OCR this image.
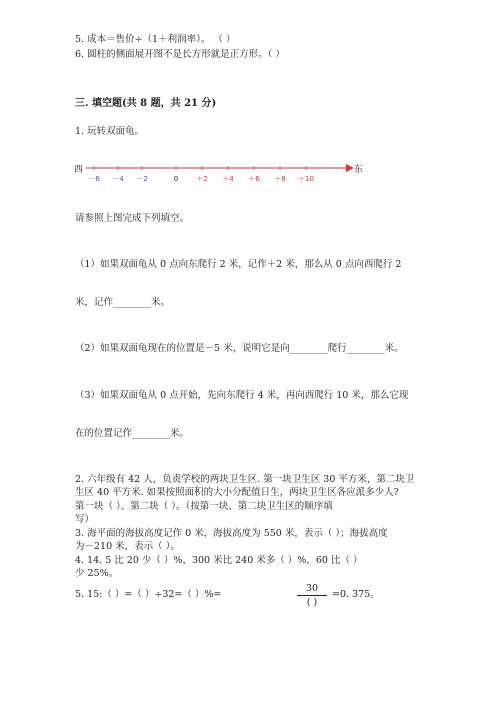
5. 成本＝售价÷（1＋利润率）。 （ ）
6. 圆柱的侧面展开图不是长方形就是正方形。（ ）
三. 填空题(共 8 题，共 21 分)
1. 玩转双面龟。
西	东
－6 －4 －2	0	＋2 ＋4 ＋6 ＋8 ＋10
请参照上图完成下列填空。
（1）如果双面龟从 0 点向东爬行 2 米，记作＋2 米，那么从 0 点向西爬行 2
米，记作________米。
（2）如果双面龟现在的位置是－5 米，说明它是向________爬行________米。
（3）如果双面龟从 0 点开始，先向东爬行 4 米，再向西爬行 10 米，那么它现
在的位置记作________米。
2. 六年级有 42 人，负责学校的两块卫生区. 第一块卫生区 30 平方米，第二块卫
生区 40 平方米. 如果按照面积的大小分配值日生，两块卫生区各应派多少人?
第一块（ ）、第二块（ ）。（按第一块、第二块卫生区的顺序填
写）
3. 海平面的海拔高度记作 0 米，海拔高度为 550 米，表示（ ）；海拔高度
为－210 米，表示（ ）。
4. 14. 5 比 20 少（ ）%，300 米比 240 米多（ ）%，60 比（ ）
少 25%。
5. 15:（ ）=（ ）÷32=（ ）%=
30
( )
=0. 375。
